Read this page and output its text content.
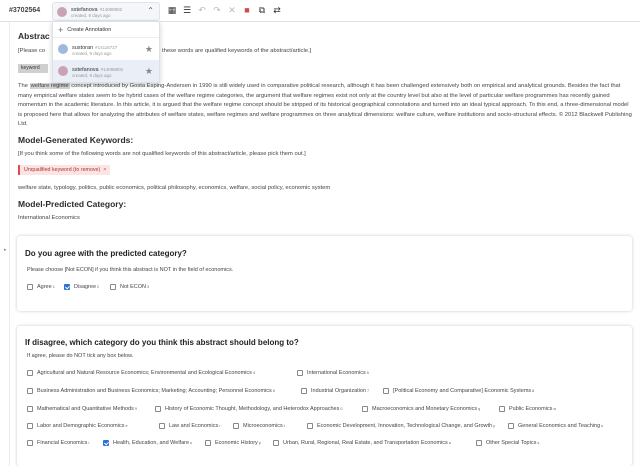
#3702564	sstefanova #14098802
created, 9 days ago
⌃ ▦ ☰ ↶ ↷ ✕ ■	⧉ ⇄
▸
Abstrac
[Please co	these words are qualified keywords of the abstract/article.]
keyword
The welfare regime concept introduced by Gosta Esping-Andersen in 1990 is still widely used in comparative political research, although it has been challenged extensively both on empirical and analytical grounds. Besides the fact that many empirical welfare states seem to be hybrid cases of the welfare regime categories, the argument that welfare regimes exist not only at the country level but also at the level of particular welfare programmes has recently gained momentum in the academic literature. In this article, it is argued that the welfare regime concept should be stripped of its historical geographical connotations and turned into an ideal typical approach. To this end, a three-dimensional model is proposed here that allows for analyzing the attributes of welfare states, welfare regimes and welfare programmes on three analytical dimensions: welfare culture, welfare institutions and socio-structural effects. © 2012 Blackwell Publishing Ltd.
Model-Generated Keywords:
[If you think some of the following words are not qualified keywords of this abstract/article, please pick them out.]
Unqualified keyword (to remove) ×
welfare state, typology, politics, public economics, political philosophy, economics, welfare, social policy, economic system
Model-Predicted Category:
International Economics
Do you agree with the predicted category?
Please choose [Not ECON] if you think this abstract is NOT in the field of economics.
Agree 1	Disagree 2	Not ECON 3
If disagree, which category do you think this abstract should belong to?
If agree, please do NOT tick any box below.
Agricultural and Natural Resource Economics; Environmental and Ecological Economics 4	International Economics 5
Business Administration and Business Economics; Marketing; Accounting; Personnel Economics 6	Industrial Organization 7	[Political Economy and Comparative] Economic Systems 8
Mathematical and Quantitative Methods 9	History of Economic Thought, Methodology, and Heterodox Approaches 0	Macroeconomics and Monetary Economics q	Public Economics w
Labor and Demographic Economics e	Law and Economics r	Microeconomics t	Economic Development, Innovation, Technological Change, and Growth y	General Economics and Teaching u
Financial Economics i	Health, Education, and Welfare o	Economic History p	Urban, Rural, Regional, Real Estate, and Transportation Economics a	Other Special Topics s
+ Create Annotation
sustoran #14116727
created, 9 days ago	★
sstefanova #14098802
created, 9 days ago	★
